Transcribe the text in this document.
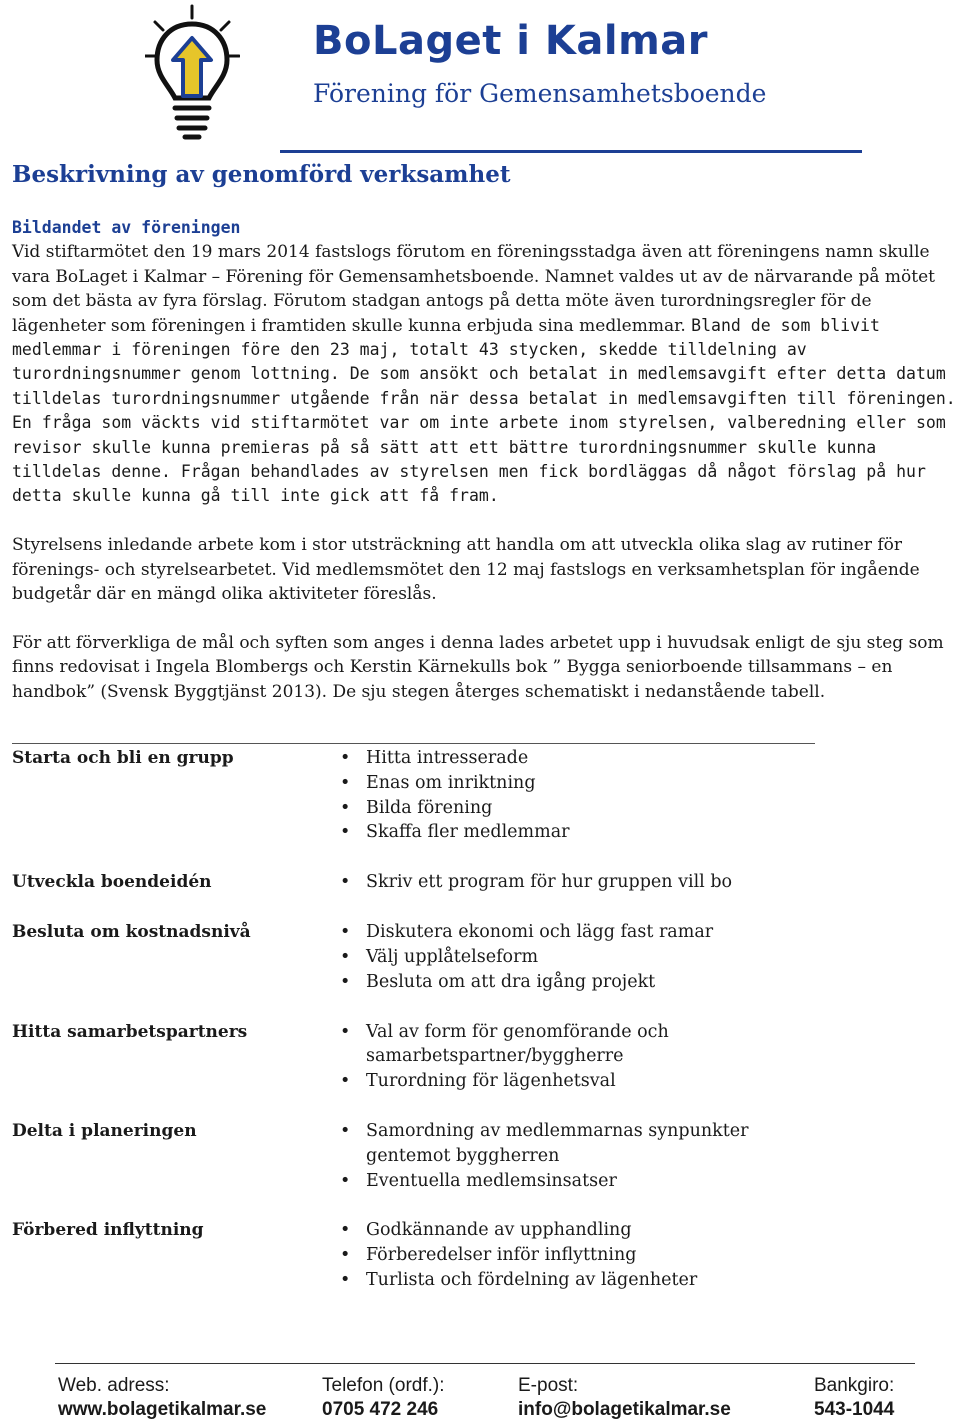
BoLaget i Kalmar
Förening för Gemensamhetsboende
Beskrivning av genomförd verksamhet

Bildandet av föreningen
Vid stiftarmötet den 19 mars 2014 fastslogs förutom en föreningsstadga även att föreningens namn skulle vara BoLaget i Kalmar – Förening för Gemensamhetsboende. Namnet valdes ut av de närvarande på mötet som det bästa av fyra förslag. Förutom stadgan antogs på detta möte även turordningsregler för de lägenheter som föreningen i framtiden skulle kunna erbjuda sina medlemmar. Bland de som blivit medlemmar i föreningen före den 23 maj, totalt 43 stycken, skedde tilldelning av turordningsnummer genom lottning. De som ansökt och betalat in medlemsavgift efter detta datum tilldelas turordningsnummer utgående från när dessa betalat in medlemsavgiften till föreningen. En fråga som väckts vid stiftarmötet var om inte arbete inom styrelsen, valberedning eller som revisor skulle kunna premieras på så sätt att ett bättre turordningsnummer skulle kunna tilldelas denne. Frågan behandlades av styrelsen men fick bordläggas då något förslag på hur detta skulle kunna gå till inte gick att få fram.

Styrelsens inledande arbete kom i stor utsträckning att handla om att utveckla olika slag av rutiner för förenings- och styrelsearbetet. Vid medlemsmötet den 12 maj fastslogs en verksamhetsplan för ingående budgetår där en mängd olika aktiviteter föreslås.

För att förverkliga de mål och syften som anges i denna lades arbetet upp i huvudsak enligt de sju steg som finns redovisat i Ingela Blombergs och Kerstin Kärnekulls bok ” Bygga seniorboende tillsammans – en handbok” (Svensk Byggtjänst 2013). De sju stegen återges schematiskt i nedanstående tabell.

Starta och bli en grupp	• Hitta intresserade
• Enas om inriktning
• Bilda förening
• Skaffa fler medlemmar
Utveckla boendeidén	• Skriv ett program för hur gruppen vill bo
Besluta om kostnadsnivå	• Diskutera ekonomi och lägg fast ramar
• Välj upplåtelseform
• Besluta om att dra igång projekt
Hitta samarbetspartners	• Val av form för genomförande och samarbetspartner/byggherre
• Turordning för lägenhetsval
Delta i planeringen	• Samordning av medlemmarnas synpunkter gentemot byggherren
• Eventuella medlemsinsatser
Förbered inflyttning	• Godkännande av upphandling
• Förberedelser inför inflyttning
• Turlista och fördelning av lägenheter
Web. adress:
www.bolagetikalmar.se
Telefon (ordf.):
0705 472 246
E-post:
info@bolagetikalmar.se
Bankgiro:
543-1044
